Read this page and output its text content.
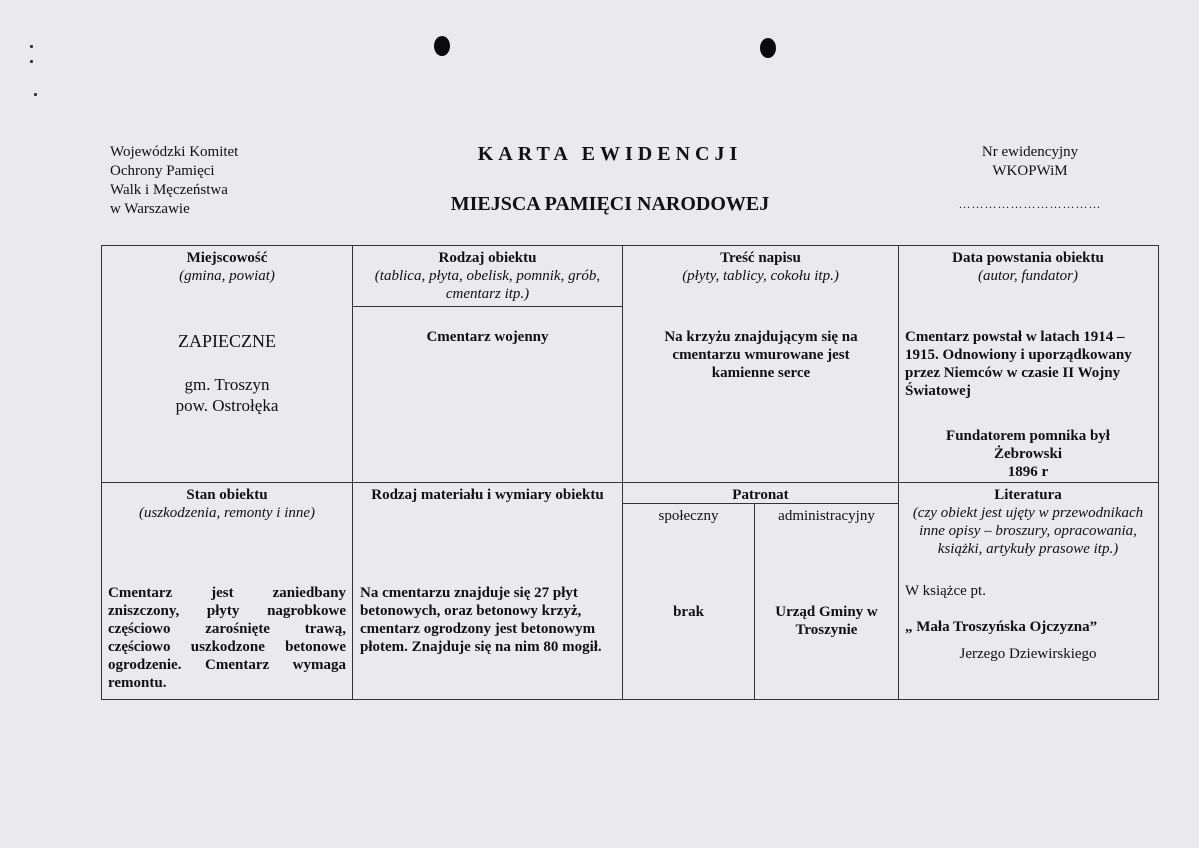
Wojewódzki Komitet
Ochrony Pamięci
Walk i Męczeństwa
w Warszawie
KARTA EWIDENCJI
MIEJSCA PAMIĘCI NARODOWEJ
Nr ewidencyjny
WKOPWiM
……………………………
Miejscowość
(gmina, powiat)
ZAPIECZNE
gm. Troszyn
pow. Ostrołęka
Rodzaj obiektu
(tablica, płyta, obelisk, pomnik, grób, cmentarz itp.)
Cmentarz wojenny
Treść napisu
(płyty, tablicy, cokołu itp.)
Na krzyżu znajdującym się na cmentarzu wmurowane jest kamienne serce
Data powstania obiektu
(autor, fundator)
Cmentarz powstał w latach 1914 – 1915. Odnowiony i uporządkowany przez Niemców w czasie II Wojny Światowej
Fundatorem pomnika był
Żebrowski
1896 r
Stan obiektu
(uszkodzenia, remonty i inne)
Cmentarz jest zaniedbany zniszczony, płyty nagrobkowe częściowo zarośnięte trawą, częściowo uszkodzone betonowe ogrodzenie. Cmentarz wymaga remontu.
Rodzaj materiału i wymiary obiektu
Na cmentarzu znajduje się 27 płyt betonowych, oraz betonowy krzyż, cmentarz ogrodzony jest betonowym płotem. Znajduje się na nim 80 mogił.
Patronat
społeczny	administracyjny
brak	Urząd Gminy w Troszynie
Literatura
(czy obiekt jest ujęty w przewodnikach inne opisy – broszury, opracowania, książki, artykuły prasowe itp.)
W książce pt.
„ Mała Troszyńska Ojczyzna”
Jerzego Dziewirskiego
